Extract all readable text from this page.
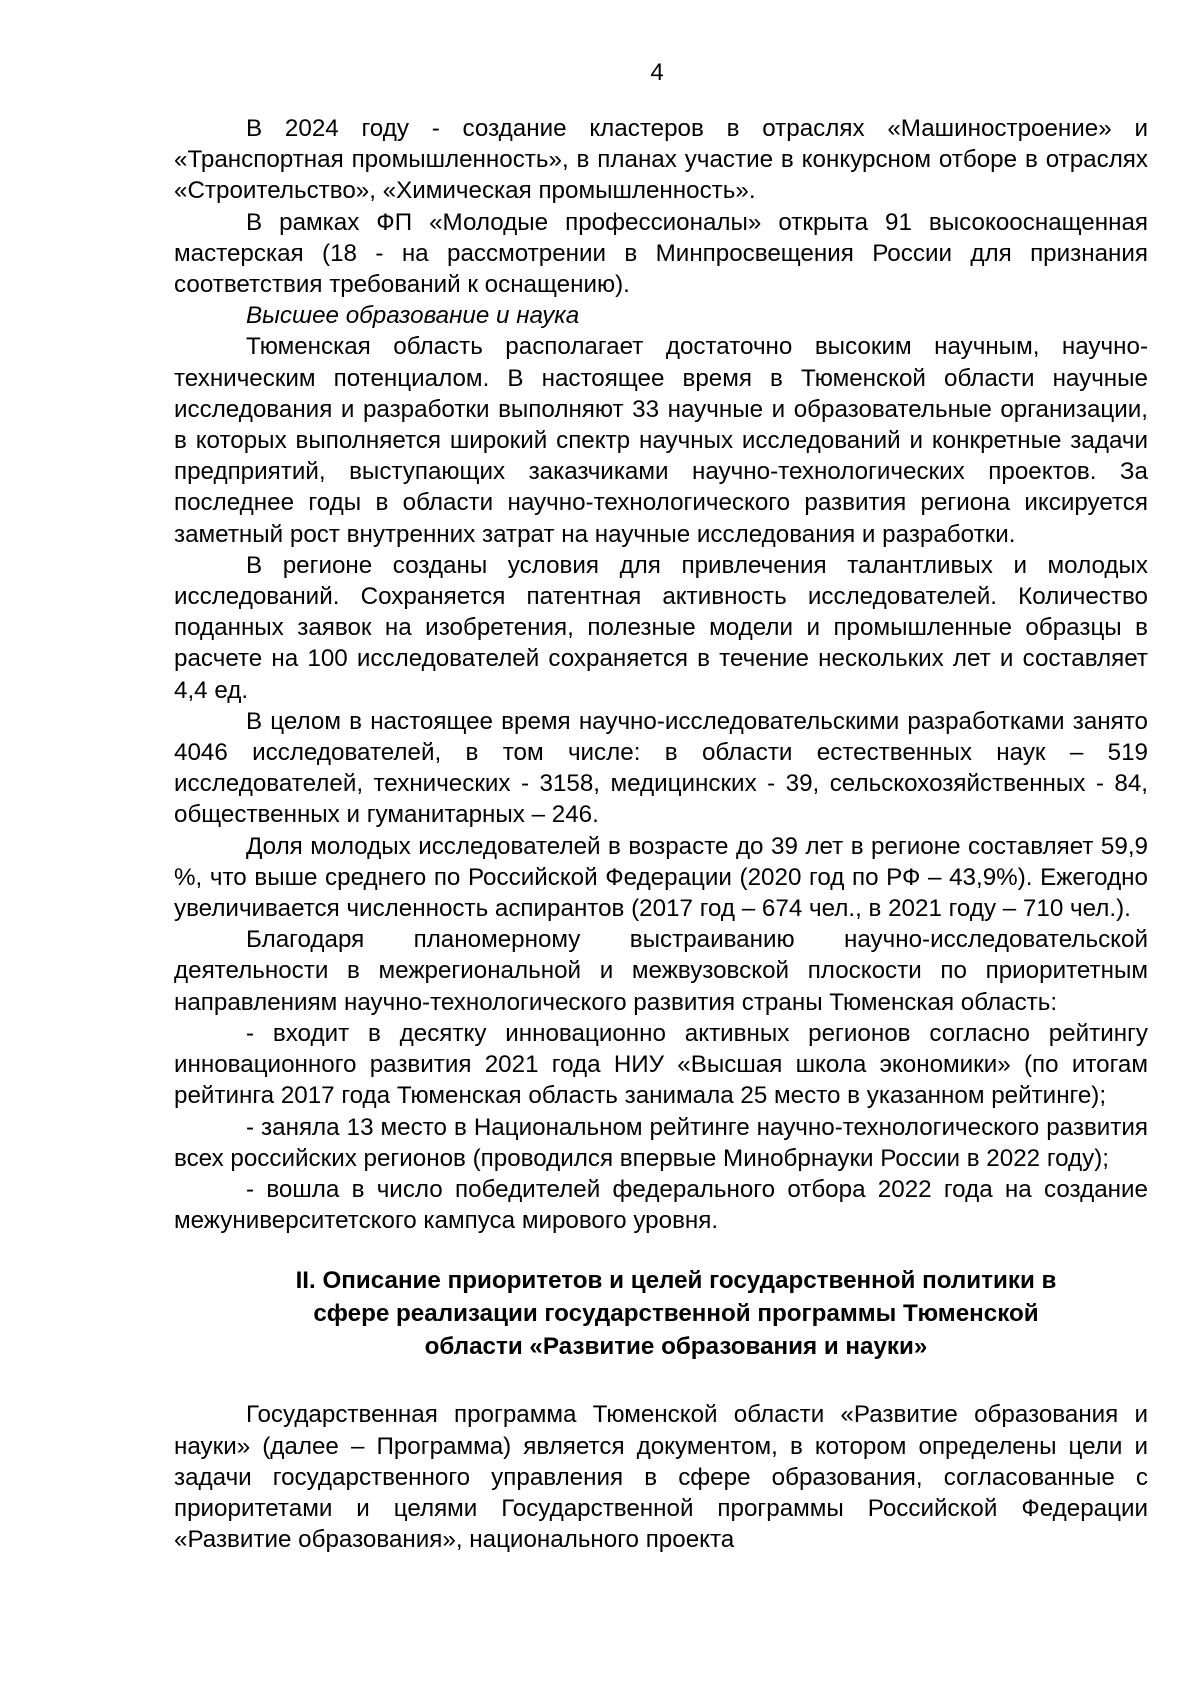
4

В 2024 году - создание кластеров в отраслях «Машиностроение» и «Транспортная промышленность», в планах участие в конкурсном отборе в отраслях «Строительство», «Химическая промышленность».

В рамках ФП «Молодые профессионалы» открыта 91 высокооснащенная мастерская (18 - на рассмотрении в Минпросвещения России для признания соответствия требований к оснащению).

Высшее образование и наука

Тюменская область располагает достаточно высоким научным, научно-техническим потенциалом. В настоящее время в Тюменской области научные исследования и разработки выполняют 33 научные и образовательные организации, в которых выполняется широкий спектр научных исследований и конкретные задачи предприятий, выступающих заказчиками научно-технологических проектов. За последнее годы в области научно-технологического развития региона иксируется заметный рост внутренних затрат на научные исследования и разработки.

В регионе созданы условия для привлечения талантливых и молодых исследований. Сохраняется патентная активность исследователей. Количество поданных заявок на изобретения, полезные модели и промышленные образцы в расчете на 100 исследователей сохраняется в течение нескольких лет и составляет 4,4 ед.

В целом в настоящее время научно-исследовательскими разработками занято 4046 исследователей, в том числе: в области естественных наук – 519 исследователей, технических - 3158, медицинских - 39, сельскохозяйственных - 84, общественных и гуманитарных – 246.

Доля молодых исследователей в возрасте до 39 лет в регионе составляет 59,9 %, что выше среднего по Российской Федерации (2020 год по РФ – 43,9%). Ежегодно увеличивается численность аспирантов (2017 год – 674 чел., в 2021 году – 710 чел.).

Благодаря планомерному выстраиванию научно-исследовательской деятельности в межрегиональной и межвузовской плоскости по приоритетным направлениям научно-технологического развития страны Тюменская область:

- входит в десятку инновационно активных регионов согласно рейтингу инновационного развития 2021 года НИУ «Высшая школа экономики» (по итогам рейтинга 2017 года Тюменская область занимала 25 место в указанном рейтинге);

- заняла 13 место в Национальном рейтинге научно-технологического развития всех российских регионов (проводился впервые Минобрнауки России в 2022 году);

- вошла в число победителей федерального отбора 2022 года на создание межуниверситетского кампуса мирового уровня.

II. Описание приоритетов и целей государственной политики в сфере реализации государственной программы Тюменской области «Развитие образования и науки»

Государственная программа Тюменской области «Развитие образования и науки» (далее – Программа) является документом, в котором определены цели и задачи государственного управления в сфере образования, согласованные с приоритетами и целями Государственной программы Российской Федерации «Развитие образования», национального проекта
